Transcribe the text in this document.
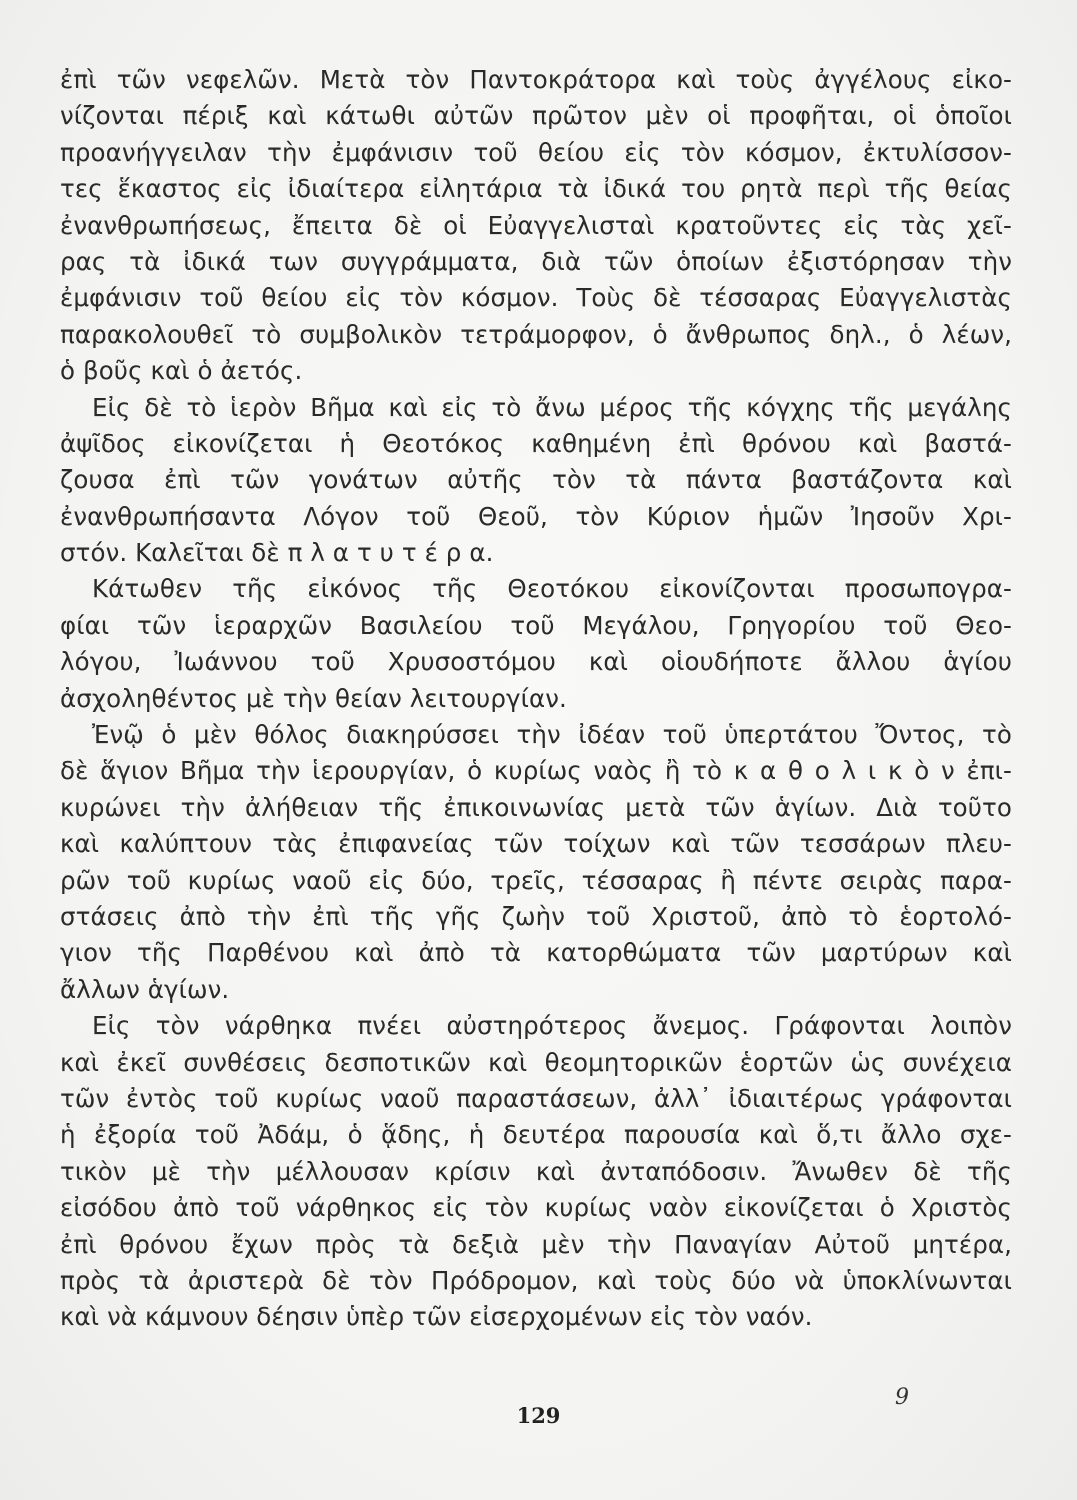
ἐπὶ τῶν νεφελῶν. Μετὰ τὸν Παντοκράτορα καὶ τοὺς ἀγγέλους εἰκο-
νίζονται πέριξ καὶ κάτωθι αὐτῶν πρῶτον μὲν οἱ προφῆται, οἱ ὁποῖοι
προανήγγειλαν τὴν ἐμφάνισιν τοῦ θείου εἰς τὸν κόσμον, ἐκτυλίσσον-
τες ἕκαστος εἰς ἰδιαίτερα εἰλητάρια τὰ ἰδικά του ρητὰ περὶ τῆς θείας
ἐνανθρωπήσεως, ἔπειτα δὲ οἱ Εὐαγγελισταὶ κρατοῦντες εἰς τὰς χεῖ-
ρας τὰ ἰδικά των συγγράμματα, διὰ τῶν ὁποίων ἐξιστόρησαν τὴν
ἐμφάνισιν τοῦ θείου εἰς τὸν κόσμον. Τοὺς δὲ τέσσαρας Εὐαγγελιστὰς
παρακολουθεῖ τὸ συμβολικὸν τετράμορφον, ὁ ἄνθρωπος δηλ., ὁ λέων,
ὁ βοῦς καὶ ὁ ἀετός.
Εἰς δὲ τὸ ἱερὸν Βῆμα καὶ εἰς τὸ ἄνω μέρος τῆς κόγχης τῆς μεγάλης
ἀψῖδος εἰκονίζεται ἡ Θεοτόκος καθημένη ἐπὶ θρόνου καὶ βαστά-
ζουσα ἐπὶ τῶν γονάτων αὐτῆς τὸν τὰ πάντα βαστάζοντα καὶ
ἐνανθρωπήσαντα Λόγον τοῦ Θεοῦ, τὸν Κύριον ἡμῶν Ἰησοῦν Χρι-
στόν. Καλεῖται δὲ π λ α τ υ τ έ ρ α.
Κάτωθεν τῆς εἰκόνος τῆς Θεοτόκου εἰκονίζονται προσωπογρα-
φίαι τῶν ἱεραρχῶν Βασιλείου τοῦ Μεγάλου, Γρηγορίου τοῦ Θεο-
λόγου, Ἰωάννου τοῦ Χρυσοστόμου καὶ οἱουδήποτε ἄλλου ἁγίου
ἀσχοληθέντος μὲ τὴν θείαν λειτουργίαν.
Ἐνῷ ὁ μὲν θόλος διακηρύσσει τὴν ἰδέαν τοῦ ὑπερτάτου Ὄντος, τὸ
δὲ ἅγιον Βῆμα τὴν ἱερουργίαν, ὁ κυρίως ναὸς ἢ τὸ κ α θ ο λ ι κ ὸ ν ἐπι-
κυρώνει τὴν ἀλήθειαν τῆς ἐπικοινωνίας μετὰ τῶν ἁγίων. Διὰ τοῦτο
καὶ καλύπτουν τὰς ἐπιφανείας τῶν τοίχων καὶ τῶν τεσσάρων πλευ-
ρῶν τοῦ κυρίως ναοῦ εἰς δύο, τρεῖς, τέσσαρας ἢ πέντε σειρὰς παρα-
στάσεις ἀπὸ τὴν ἐπὶ τῆς γῆς ζωὴν τοῦ Χριστοῦ, ἀπὸ τὸ ἑορτολό-
γιον τῆς Παρθένου καὶ ἀπὸ τὰ κατορθώματα τῶν μαρτύρων καὶ
ἄλλων ἁγίων.
Εἰς τὸν νάρθηκα πνέει αὐστηρότερος ἄνεμος. Γράφονται λοιπὸν
καὶ ἐκεῖ συνθέσεις δεσποτικῶν καὶ θεομητορικῶν ἑορτῶν ὡς συνέχεια
τῶν ἐντὸς τοῦ κυρίως ναοῦ παραστάσεων, ἀλλ᾿ ἰδιαιτέρως γράφονται
ἡ ἐξορία τοῦ Ἀδάμ, ὁ ᾅδης, ἡ δευτέρα παρουσία καὶ ὅ,τι ἄλλο σχε-
τικὸν μὲ τὴν μέλλουσαν κρίσιν καὶ ἀνταπόδοσιν. Ἄνωθεν δὲ τῆς
εἰσόδου ἀπὸ τοῦ νάρθηκος εἰς τὸν κυρίως ναὸν εἰκονίζεται ὁ Χριστὸς
ἐπὶ θρόνου ἔχων πρὸς τὰ δεξιὰ μὲν τὴν Παναγίαν Αὐτοῦ μητέρα,
πρὸς τὰ ἀριστερὰ δὲ τὸν Πρόδρομον, καὶ τοὺς δύο νὰ ὑποκλίνωνται
καὶ νὰ κάμνουν δέησιν ὑπὲρ τῶν εἰσερχομένων εἰς τὸν ναόν.
129
9
